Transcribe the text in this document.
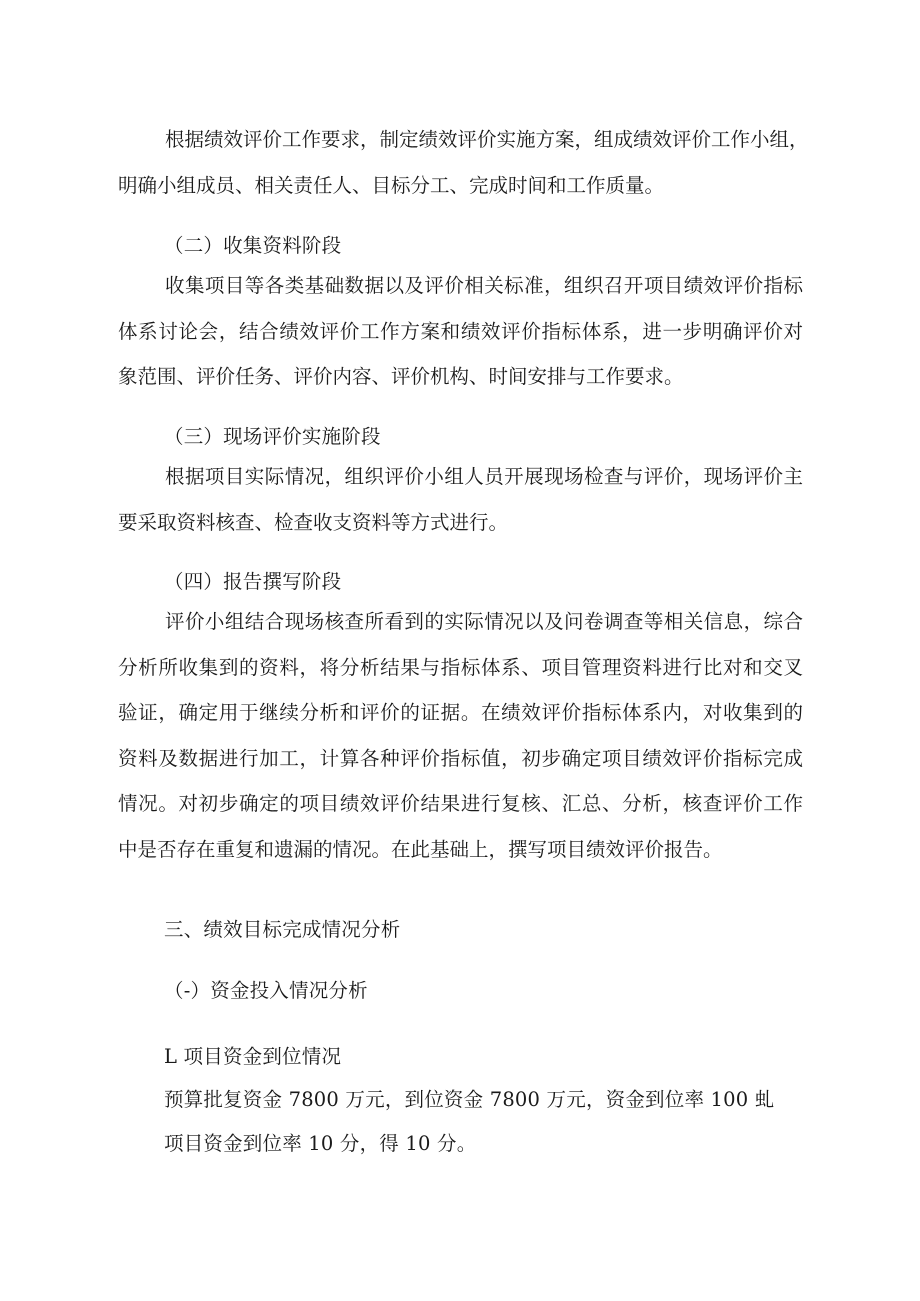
根据绩效评价工作要求，制定绩效评价实施方案，组成绩效评价工作小组，
明确小组成员、相关责任人、目标分工、完成时间和工作质量。
（二）收集资料阶段
收集项目等各类基础数据以及评价相关标准，组织召开项目绩效评价指标
体系讨论会，结合绩效评价工作方案和绩效评价指标体系，进一步明确评价对
象范围、评价任务、评价内容、评价机构、时间安排与工作要求。
（三）现场评价实施阶段
根据项目实际情况，组织评价小组人员开展现场检查与评价，现场评价主
要采取资料核查、检查收支资料等方式进行。
（四）报告撰写阶段
评价小组结合现场核查所看到的实际情况以及问卷调查等相关信息，综合
分析所收集到的资料，将分析结果与指标体系、项目管理资料进行比对和交叉
验证，确定用于继续分析和评价的证据。在绩效评价指标体系内，对收集到的
资料及数据进行加工，计算各种评价指标值，初步确定项目绩效评价指标完成
情况。对初步确定的项目绩效评价结果进行复核、汇总、分析，核查评价工作
中是否存在重复和遗漏的情况。在此基础上，撰写项目绩效评价报告。
三、绩效目标完成情况分析
（-）资金投入情况分析
L 项目资金到位情况
预算批复资金 7800 万元，到位资金 7800 万元，资金到位率 100 虬
项目资金到位率 10 分，得 10 分。
